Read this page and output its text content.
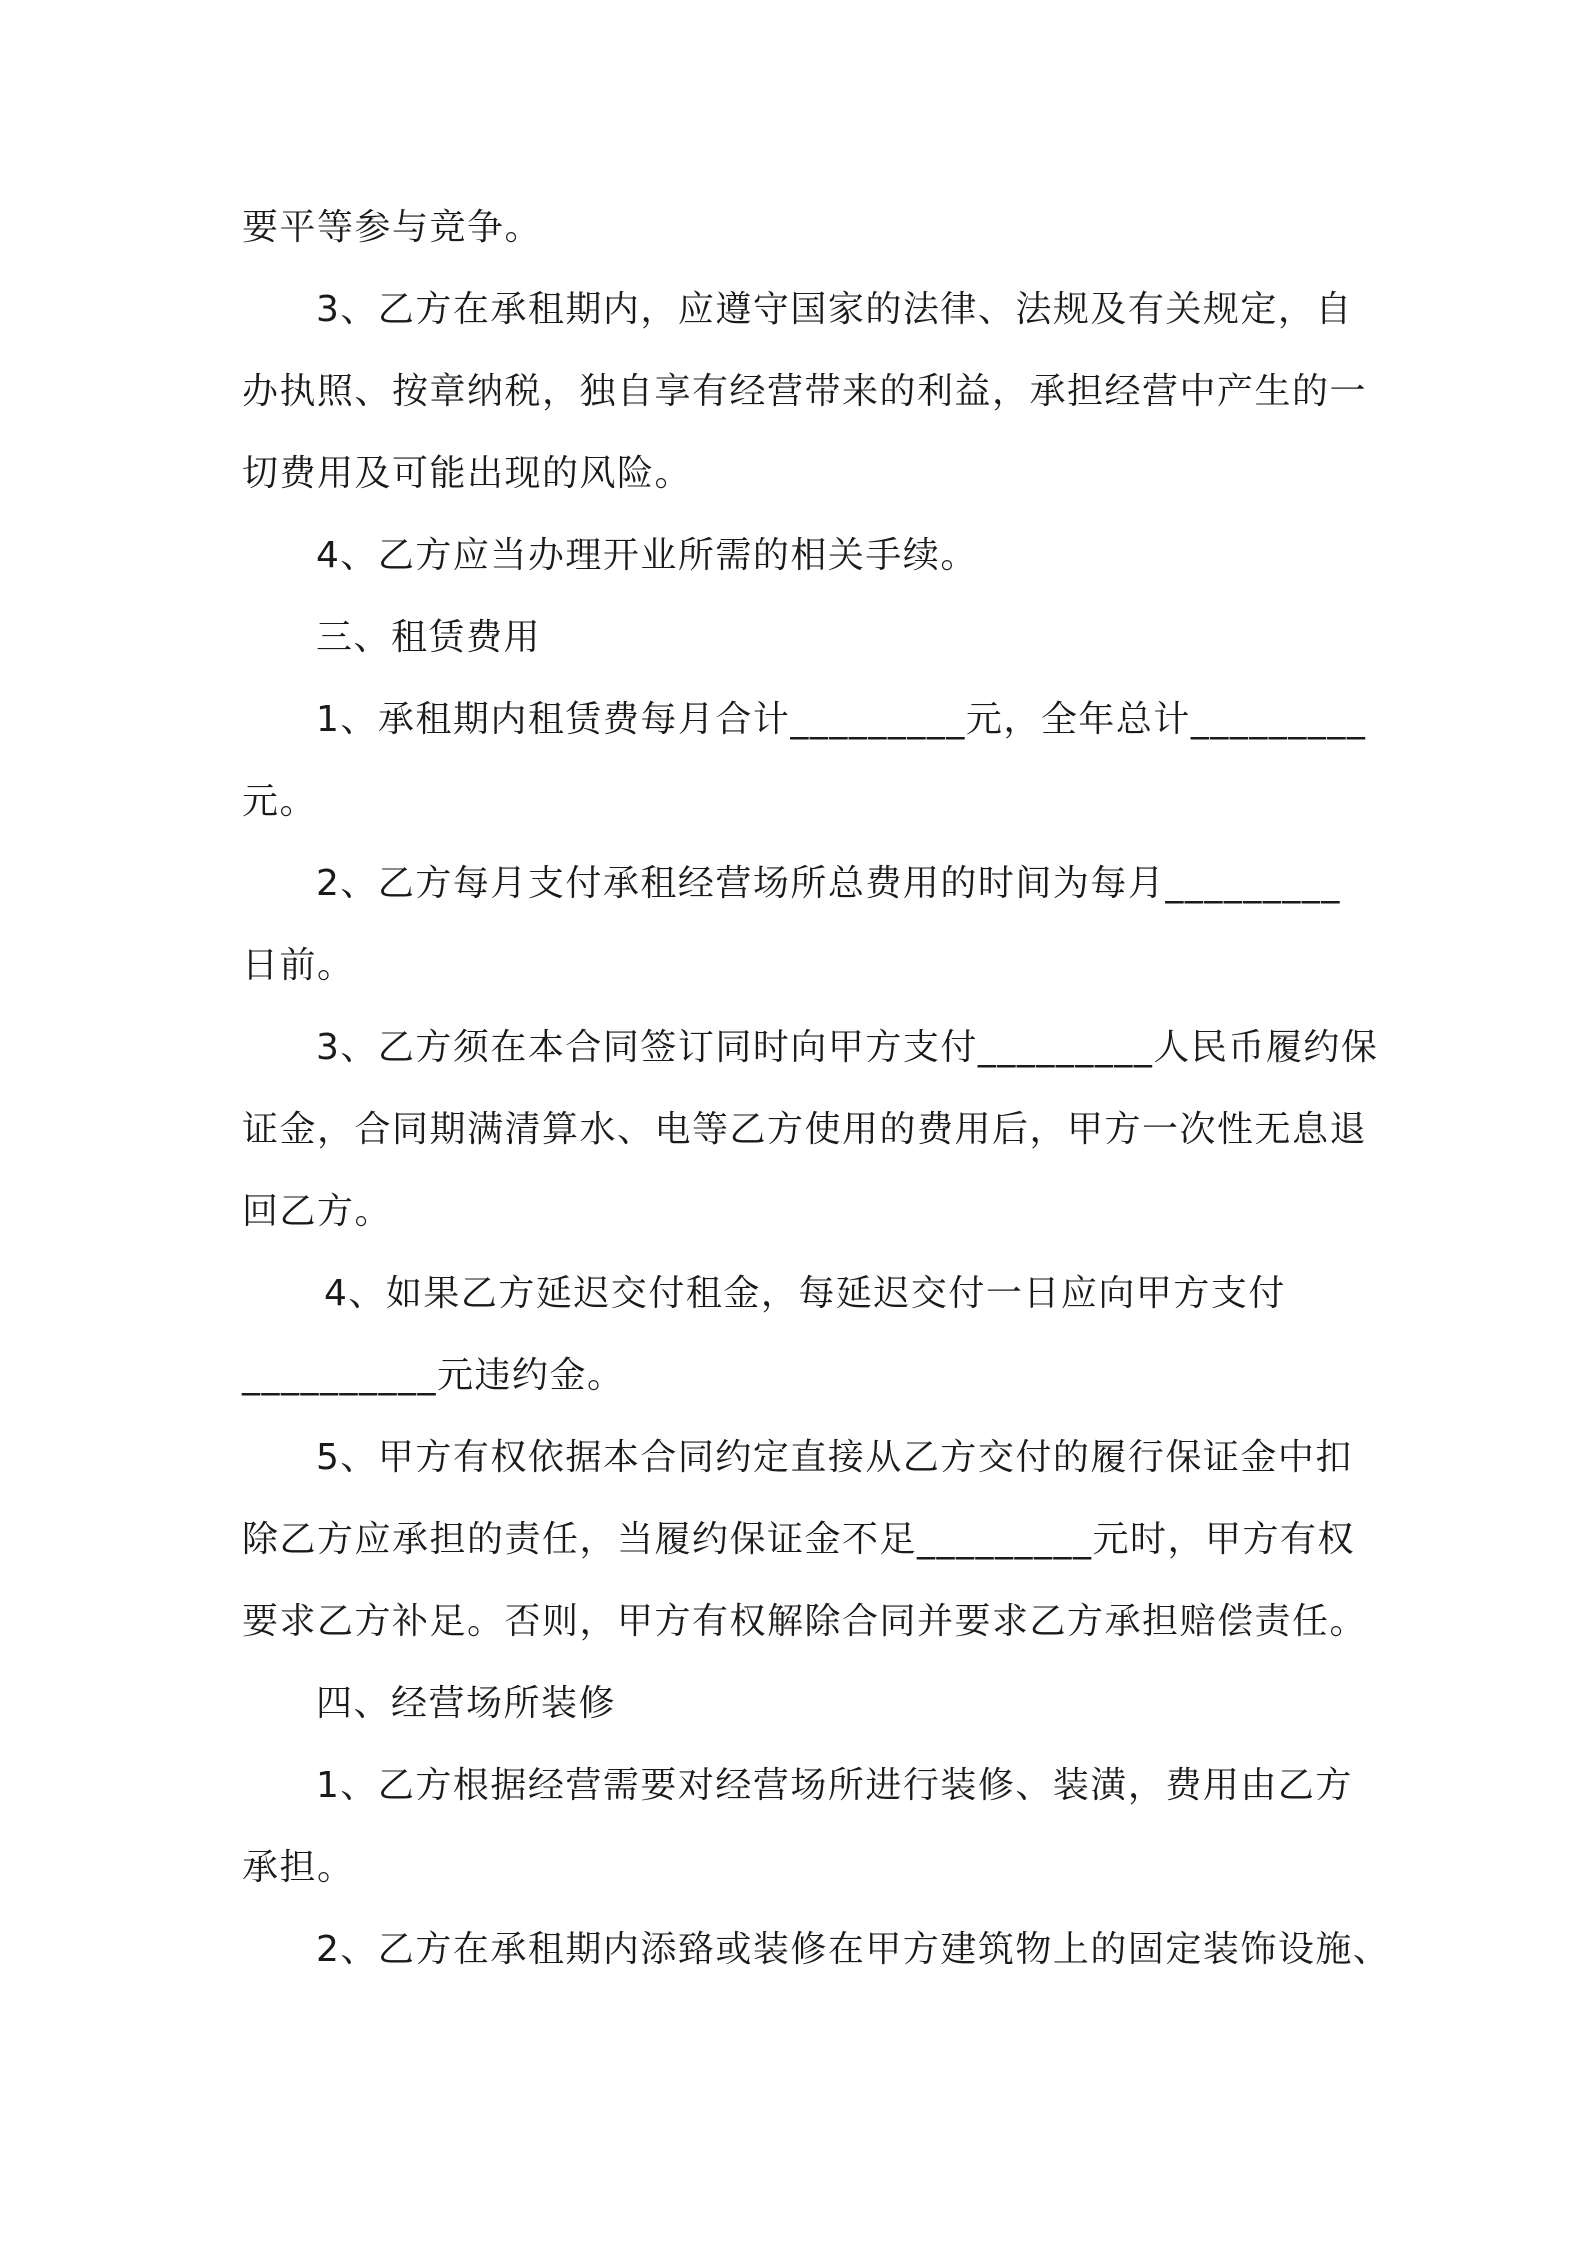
要平等参与竞争。

3、乙方在承租期内，应遵守国家的法律、法规及有关规定，自

办执照、按章纳税，独自享有经营带来的利益，承担经营中产生的一

切费用及可能出现的风险。

4、乙方应当办理开业所需的相关手续。

三、租赁费用

1、承租期内租赁费每月合计_________元，全年总计_________

元。

2、乙方每月支付承租经营场所总费用的时间为每月_________

日前。

3、乙方须在本合同签订同时向甲方支付_________人民币履约保

证金，合同期满清算水、电等乙方使用的费用后，甲方一次性无息退

回乙方。

4、如果乙方延迟交付租金，每延迟交付一日应向甲方支付

__________元违约金。

5、甲方有权依据本合同约定直接从乙方交付的履行保证金中扣

除乙方应承担的责任，当履约保证金不足_________元时，甲方有权

要求乙方补足。否则，甲方有权解除合同并要求乙方承担赔偿责任。

四、经营场所装修

1、乙方根据经营需要对经营场所进行装修、装潢，费用由乙方

承担。

2、乙方在承租期内添臵或装修在甲方建筑物上的固定装饰设施、
